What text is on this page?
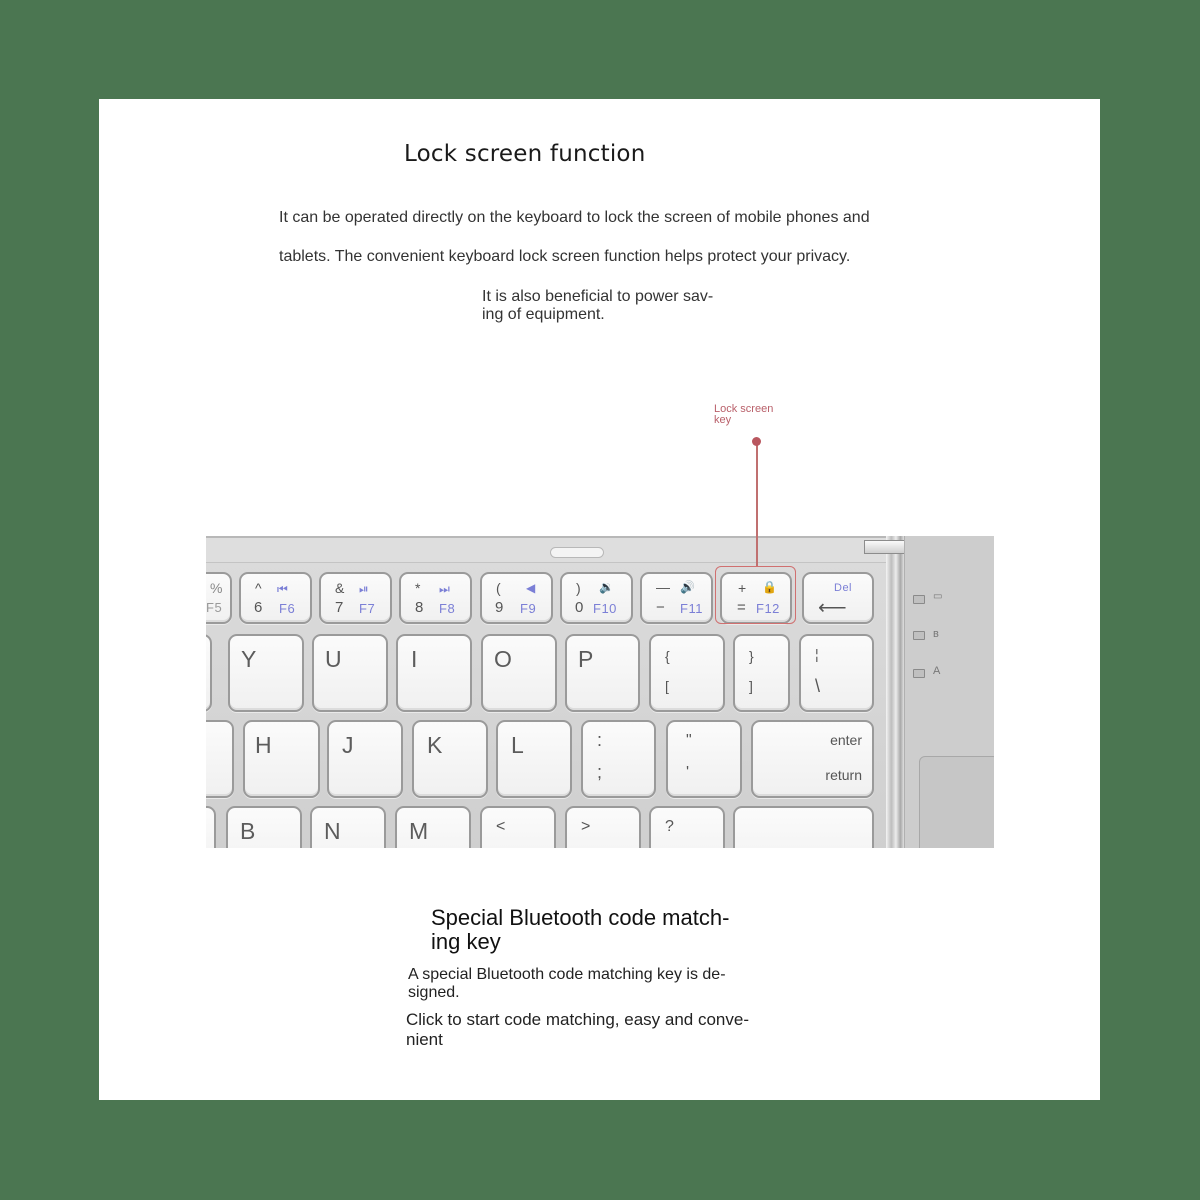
Lock screen function
It can be operated directly on the keyboard to lock the screen of mobile phones and
tablets. The convenient keyboard lock screen function helps protect your privacy.
It is also beneficial to power sav-
ing of equipment.
Lock screen
key
%
F5
^ ⏮
6 F6
& ⏯
7 F7
* ⏭
8 F8
( ◀
9 F9
) 🔉
0 F10
— 🔊
− F11
+ 🔒
= F12
Del
⟵
Y	U	I	O	P	{
[
}
]
¦
\
H	J	K	L	:
;
"
'
enter
return
B	N	M	<	>	?
▭
ʙ
A
Special Bluetooth code match-
ing key
A special Bluetooth code matching key is de-
signed.
Click to start code matching, easy and conve-
nient
